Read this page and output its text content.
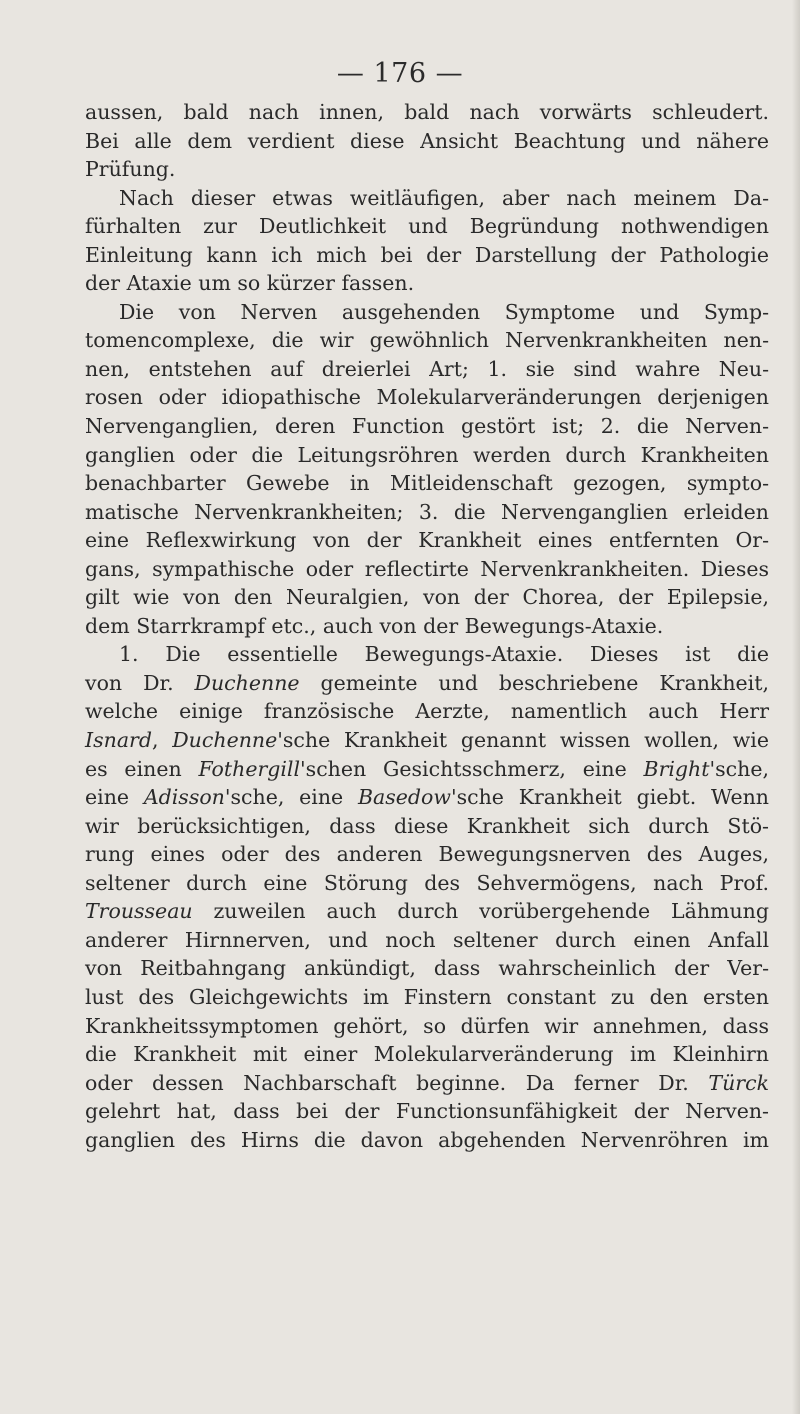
— 176 —

aussen, bald nach innen, bald nach vorwärts schleudert.
Bei alle dem verdient diese Ansicht Beachtung und nähere
Prüfung.
Nach dieser etwas weitläufigen, aber nach meinem Da-
fürhalten zur Deutlichkeit und Begründung nothwendigen
Einleitung kann ich mich bei der Darstellung der Pathologie
der Ataxie um so kürzer fassen.
Die von Nerven ausgehenden Symptome und Symp-
tomencomplexe, die wir gewöhnlich Nervenkrankheiten nen-
nen, entstehen auf dreierlei Art; 1. sie sind wahre Neu-
rosen oder idiopathische Molekularveränderungen derjenigen
Nervenganglien, deren Function gestört ist; 2. die Nerven-
ganglien oder die Leitungsröhren werden durch Krankheiten
benachbarter Gewebe in Mitleidenschaft gezogen, sympto-
matische Nervenkrankheiten; 3. die Nervenganglien erleiden
eine Reflexwirkung von der Krankheit eines entfernten Or-
gans, sympathische oder reflectirte Nervenkrankheiten. Dieses
gilt wie von den Neuralgien, von der Chorea, der Epilepsie,
dem Starrkrampf etc., auch von der Bewegungs-Ataxie.
1. Die essentielle Bewegungs-Ataxie. Dieses ist die
von Dr. Duchenne gemeinte und beschriebene Krankheit,
welche einige französische Aerzte, namentlich auch Herr
Isnard, Duchenne'sche Krankheit genannt wissen wollen, wie
es einen Fothergill'schen Gesichtsschmerz, eine Bright'sche,
eine Adisson'sche, eine Basedow'sche Krankheit giebt. Wenn
wir berücksichtigen, dass diese Krankheit sich durch Stö-
rung eines oder des anderen Bewegungsnerven des Auges,
seltener durch eine Störung des Sehvermögens, nach Prof.
Trousseau zuweilen auch durch vorübergehende Lähmung
anderer Hirnnerven, und noch seltener durch einen Anfall
von Reitbahngang ankündigt, dass wahrscheinlich der Ver-
lust des Gleichgewichts im Finstern constant zu den ersten
Krankheitssymptomen gehört, so dürfen wir annehmen, dass
die Krankheit mit einer Molekularveränderung im Kleinhirn
oder dessen Nachbarschaft beginne. Da ferner Dr. Türck
gelehrt hat, dass bei der Functionsunfähigkeit der Nerven-
ganglien des Hirns die davon abgehenden Nervenröhren im
